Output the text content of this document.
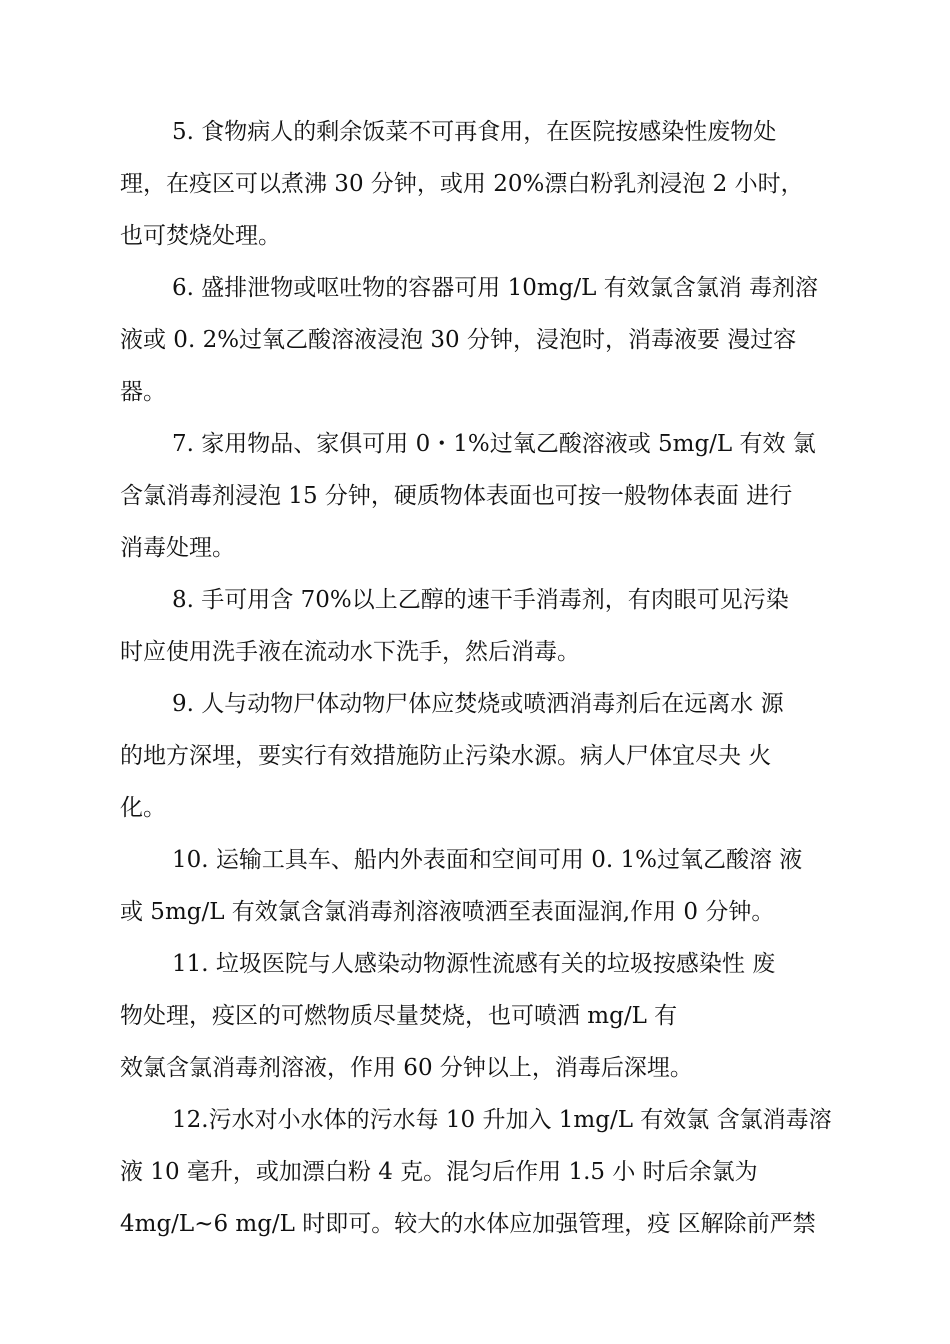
5. 食物病人的剩余饭菜不可再食用，在医院按感染性废物处
理，在疫区可以煮沸 30 分钟，或用 20%漂白粉乳剂浸泡 2 小时，
也可焚烧处理。
6. 盛排泄物或呕吐物的容器可用 10mg/L 有效氯含氯消 毒剂溶
液或 0. 2%过氧乙酸溶液浸泡 30 分钟，浸泡时，消毒液要 漫过容
器。
7. 家用物品、家俱可用 0・1%过氧乙酸溶液或 5mg/L 有效 氯
含氯消毒剂浸泡 15 分钟，硬质物体表面也可按一般物体表面 进行
消毒处理。
8. 手可用含 70%以上乙醇的速干手消毒剂，有肉眼可见污染
时应使用洗手液在流动水下洗手，然后消毒。
9. 人与动物尸体动物尸体应焚烧或喷洒消毒剂后在远离水 源
的地方深埋，要实行有效措施防止污染水源。病人尸体宜尽夬 火
化。
10. 运输工具车、船内外表面和空间可用 0. 1%过氧乙酸溶 液
或 5mg/L 有效氯含氯消毒剂溶液喷洒至表面湿润,作用 0 分钟。
11. 垃圾医院与人感染动物源性流感有关的垃圾按感染性 废
物处理，疫区的可燃物质尽量焚烧，也可喷洒 mg/L 有
效氯含氯消毒剂溶液，作用 60 分钟以上，消毒后深埋。
12.污水对小水体的污水每 10 升加入 1mg/L 有效氯 含氯消毒溶
液 10 毫升，或加漂白粉 4 克。混匀后作用 1.5 小 时后余氯为
4mg/L~6 mg/L 时即可。较大的水体应加强管理，疫 区解除前严禁
